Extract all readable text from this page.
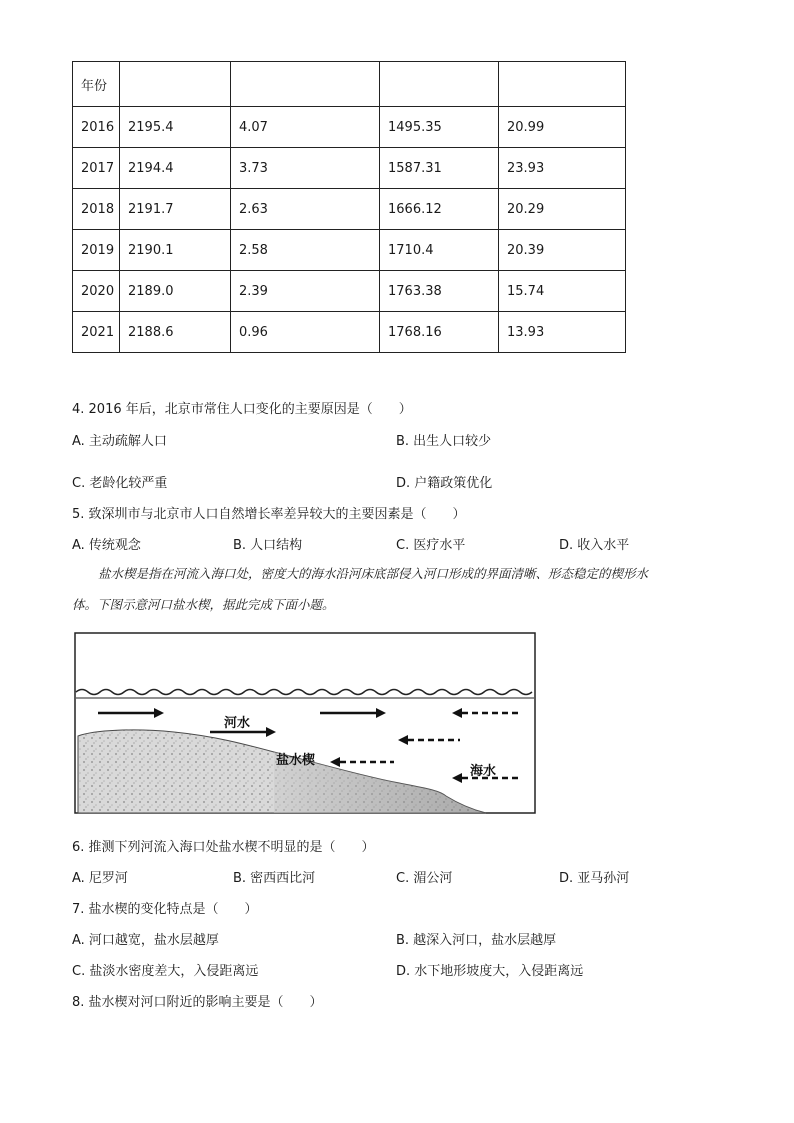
年份				
2016	2195.4	4.07	1495.35	20.99
2017	2194.4	3.73	1587.31	23.93
2018	2191.7	2.63	1666.12	20.29
2019	2190.1	2.58	1710.4	20.39
2020	2189.0	2.39	1763.38	15.74
2021	2188.6	0.96	1768.16	13.93
4. 2016 年后，北京市常住人口变化的主要原因是（　　）
A. 主动疏解人口	B. 出生人口较少
C. 老龄化较严重	D. 户籍政策优化
5. 致深圳市与北京市人口自然增长率差异较大的主要因素是（　　）
A. 传统观念	B. 人口结构	C. 医疗水平	D. 收入水平
盐水楔是指在河流入海口处，密度大的海水沿河床底部侵入河口形成的界面清晰、形态稳定的楔形水
体。下图示意河口盐水楔，据此完成下面小题。
河水
盐水楔
海水
6. 推测下列河流入海口处盐水楔不明显的是（　　）
A. 尼罗河	B. 密西西比河	C. 湄公河	D. 亚马孙河
7. 盐水楔的变化特点是（　　）
A. 河口越宽，盐水层越厚	B. 越深入河口，盐水层越厚
C. 盐淡水密度差大，入侵距离远	D. 水下地形坡度大，入侵距离远
8. 盐水楔对河口附近的影响主要是（　　）
